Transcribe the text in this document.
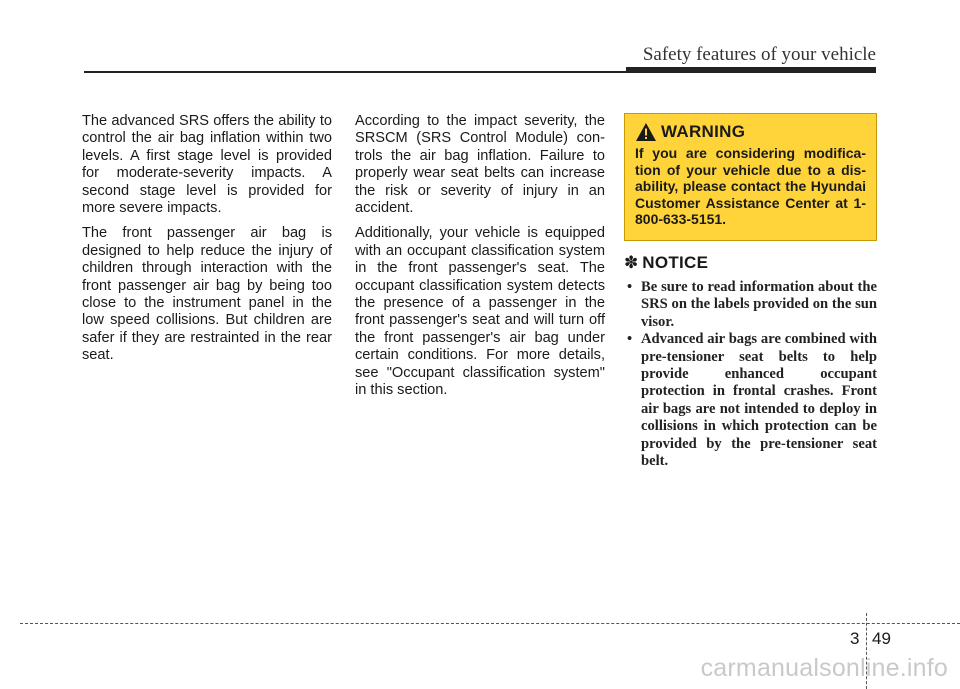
Safety features of your vehicle

The advanced SRS offers the ability to control the air bag inflation within two levels. A first stage level is provided for moderate-severity impacts. A second stage level is provided for more severe impacts.

The front passenger air bag is designed to help reduce the injury of children through interaction with the front passenger air bag by being too close to the instrument panel in the low speed collisions. But children are safer if they are restrainted in the rear seat.

According to the impact severity, the SRSCM (SRS Control Module) controls the air bag inflation. Failure to properly wear seat belts can increase the risk or severity of injury in an accident.

Additionally, your vehicle is equipped with an occupant classification system in the front passenger's seat. The occupant classification system detects the presence of a passenger in the front passenger's seat and will turn off the front passenger's air bag under certain conditions. For more details, see "Occupant classification system" in this section.

WARNING
If you are considering modification of your vehicle due to a disability, please contact the Hyundai Customer Assistance Center at 1-800-633-5151.
✽ NOTICE
• Be sure to read information about the SRS on the labels provided on the sun visor.
• Advanced air bags are combined with pre-tensioner seat belts to help provide enhanced occupant protection in frontal crashes. Front air bags are not intended to deploy in collisions in which protection can be provided by the pre-tensioner seat belt.
3 49
carmanualsonline.info
